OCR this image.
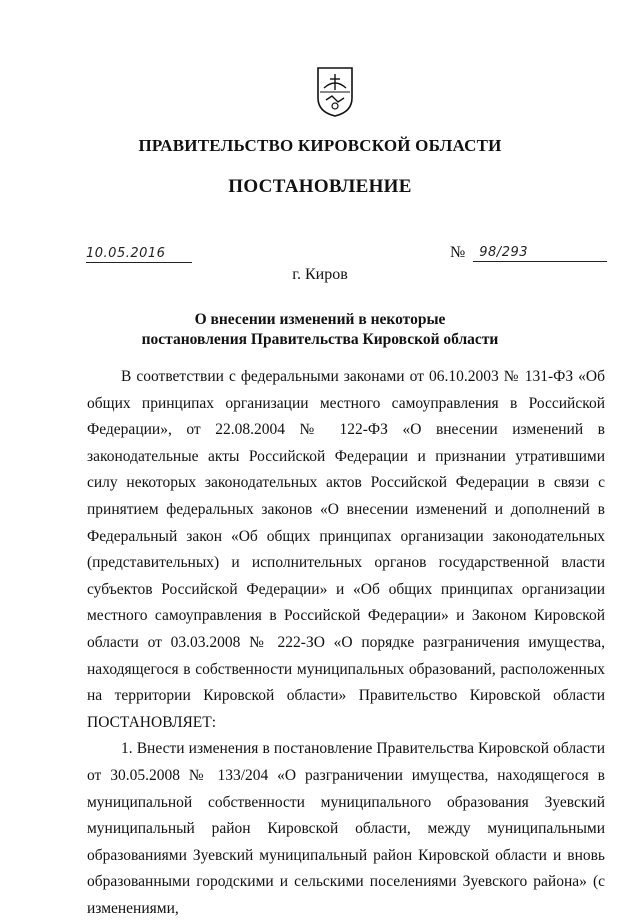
ПРАВИТЕЛЬСТВО КИРОВСКОЙ ОБЛАСТИ
ПОСТАНОВЛЕНИЕ
10.05.2016	№	98/293
г. Киров
О внесении изменений в некоторые
постановления Правительства Кировской области

В соответствии с федеральными законами от 06.10.2003 № 131-ФЗ «Об общих принципах организации местного самоуправления в Российской Федерации», от 22.08.2004 № 122-ФЗ «О внесении изменений в законодательные акты Российской Федерации и признании утратившими силу некоторых законодательных актов Российской Федерации в связи с принятием федеральных законов «О внесении изменений и дополнений в Федеральный закон «Об общих принципах организации законодательных (представительных) и исполнительных органов государственной власти субъектов Российской Федерации» и «Об общих принципах организации местного самоуправления в Российской Федерации» и Законом Кировской области от 03.03.2008 № 222-ЗО «О порядке разграничения имущества, находящегося в собственности муниципальных образований, расположенных на территории Кировской области» Правительство Кировской области ПОСТАНОВЛЯЕТ:

1. Внести изменения в постановление Правительства Кировской области от 30.05.2008 № 133/204 «О разграничении имущества, находящегося в муниципальной собственности муниципального образования Зуевский муниципальный район Кировской области, между муниципальными образованиями Зуевский муниципальный район Кировской области и вновь образованными городскими и сельскими поселениями Зуевского района» (с изменениями,
